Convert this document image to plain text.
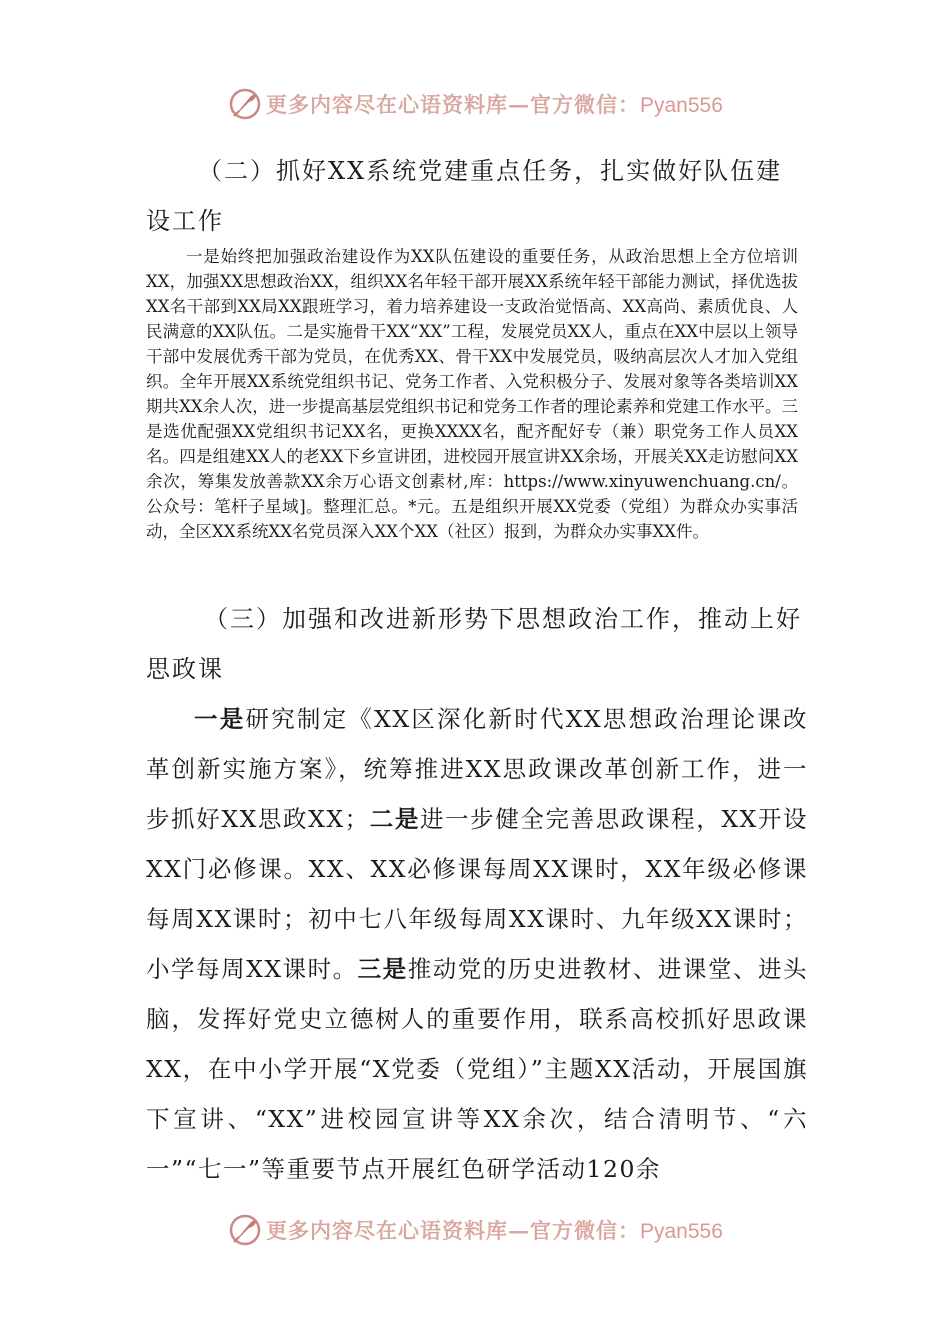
更多内容尽在心语资料库—官方微信：Pyan556

（二）抓好XX系统党建重点任务，扎实做好队伍建设工作

一是始终把加强政治建设作为XX队伍建设的重要任务，从政治思想上全方位培训XX，加强XX思想政治XX，组织XX名年轻干部开展XX系统年轻干部能力测试，择优选拔XX名干部到XX局XX跟班学习，着力培养建设一支政治觉悟高、XX高尚、素质优良、人民满意的XX队伍。二是实施骨干XX“XX”工程，发展党员XX人，重点在XX中层以上领导干部中发展优秀干部为党员，在优秀XX、骨干XX中发展党员，吸纳高层次人才加入党组织。全年开展XX系统党组织书记、党务工作者、入党积极分子、发展对象等各类培训XX期共XX余人次，进一步提高基层党组织书记和党务工作者的理论素养和党建工作水平。三是选优配强XX党组织书记XX名，更换XXXX名，配齐配好专（兼）职党务工作人员XX名。四是组建XX人的老XX下乡宣讲团，进校园开展宣讲XX余场，开展关XX走访慰问XX余次，筹集发放善款XX余万心语文创素材,库：https://www.xinyuwenchuang.cn/。公众号：笔杆子星域]。整理汇总。*元。五是组织开展XX党委（党组）为群众办实事活动，全区XX系统XX名党员深入XX个XX（社区）报到，为群众办实事XX件。

（三）加强和改进新形势下思想政治工作，推动上好思政课

一是研究制定《XX区深化新时代XX思想政治理论课改革创新实施方案》，统筹推进XX思政课改革创新工作，进一步抓好XX思政XX；二是进一步健全完善思政课程，XX开设XX门必修课。XX、XX必修课每周XX课时，XX年级必修课每周XX课时；初中七八年级每周XX课时、九年级XX课时；小学每周XX课时。三是推动党的历史进教材、进课堂、进头脑，发挥好党史立德树人的重要作用，联系高校抓好思政课XX，在中小学开展“X党委（党组）”主题XX活动，开展国旗下宣讲、“XX”进校园宣讲等XX余次，结合清明节、“六一”“七一”等重要节点开展红色研学活动120余

更多内容尽在心语资料库—官方微信：Pyan556
